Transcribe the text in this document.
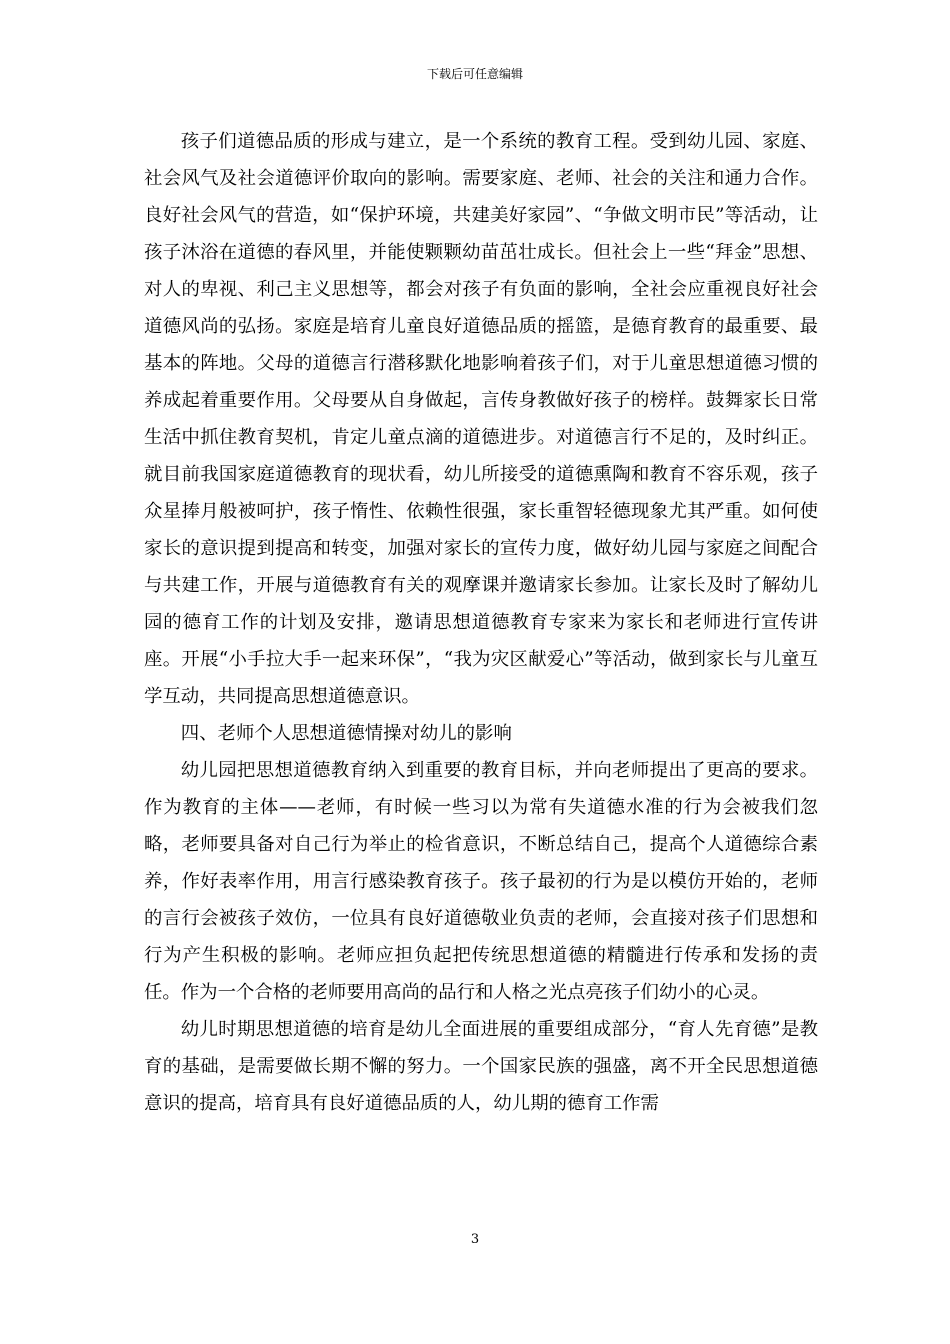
下载后可任意编辑

孩子们道德品质的形成与建立，是一个系统的教育工程。受到幼儿园、家庭、社会风气及社会道德评价取向的影响。需要家庭、老师、社会的关注和通力合作。良好社会风气的营造，如“保护环境，共建美好家园”、“争做文明市民”等活动，让孩子沐浴在道德的春风里，并能使颗颗幼苗茁壮成长。但社会上一些“拜金”思想、对人的卑视、利己主义思想等，都会对孩子有负面的影响，全社会应重视良好社会道德风尚的弘扬。家庭是培育儿童良好道德品质的摇篮，是德育教育的最重要、最基本的阵地。父母的道德言行潜移默化地影响着孩子们，对于儿童思想道德习惯的养成起着重要作用。父母要从自身做起，言传身教做好孩子的榜样。鼓舞家长日常生活中抓住教育契机，肯定儿童点滴的道德进步。对道德言行不足的，及时纠正。就目前我国家庭道德教育的现状看，幼儿所接受的道德熏陶和教育不容乐观，孩子众星捧月般被呵护，孩子惰性、依赖性很强，家长重智轻德现象尤其严重。如何使家长的意识提到提高和转变，加强对家长的宣传力度，做好幼儿园与家庭之间配合与共建工作，开展与道德教育有关的观摩课并邀请家长参加。让家长及时了解幼儿园的德育工作的计划及安排，邀请思想道德教育专家来为家长和老师进行宣传讲座。开展“小手拉大手一起来环保”，“我为灾区献爱心”等活动，做到家长与儿童互学互动，共同提高思想道德意识。

四、老师个人思想道德情操对幼儿的影响

幼儿园把思想道德教育纳入到重要的教育目标，并向老师提出了更高的要求。作为教育的主体——老师，有时候一些习以为常有失道德水准的行为会被我们忽略，老师要具备对自己行为举止的检省意识，不断总结自己，提高个人道德综合素养，作好表率作用，用言行感染教育孩子。孩子最初的行为是以模仿开始的，老师的言行会被孩子效仿，一位具有良好道德敬业负责的老师，会直接对孩子们思想和行为产生积极的影响。老师应担负起把传统思想道德的精髓进行传承和发扬的责任。作为一个合格的老师要用高尚的品行和人格之光点亮孩子们幼小的心灵。

幼儿时期思想道德的培育是幼儿全面进展的重要组成部分，“育人先育德”是教育的基础，是需要做长期不懈的努力。一个国家民族的强盛，离不开全民思想道德意识的提高，培育具有良好道德品质的人，幼儿期的德育工作需

3
